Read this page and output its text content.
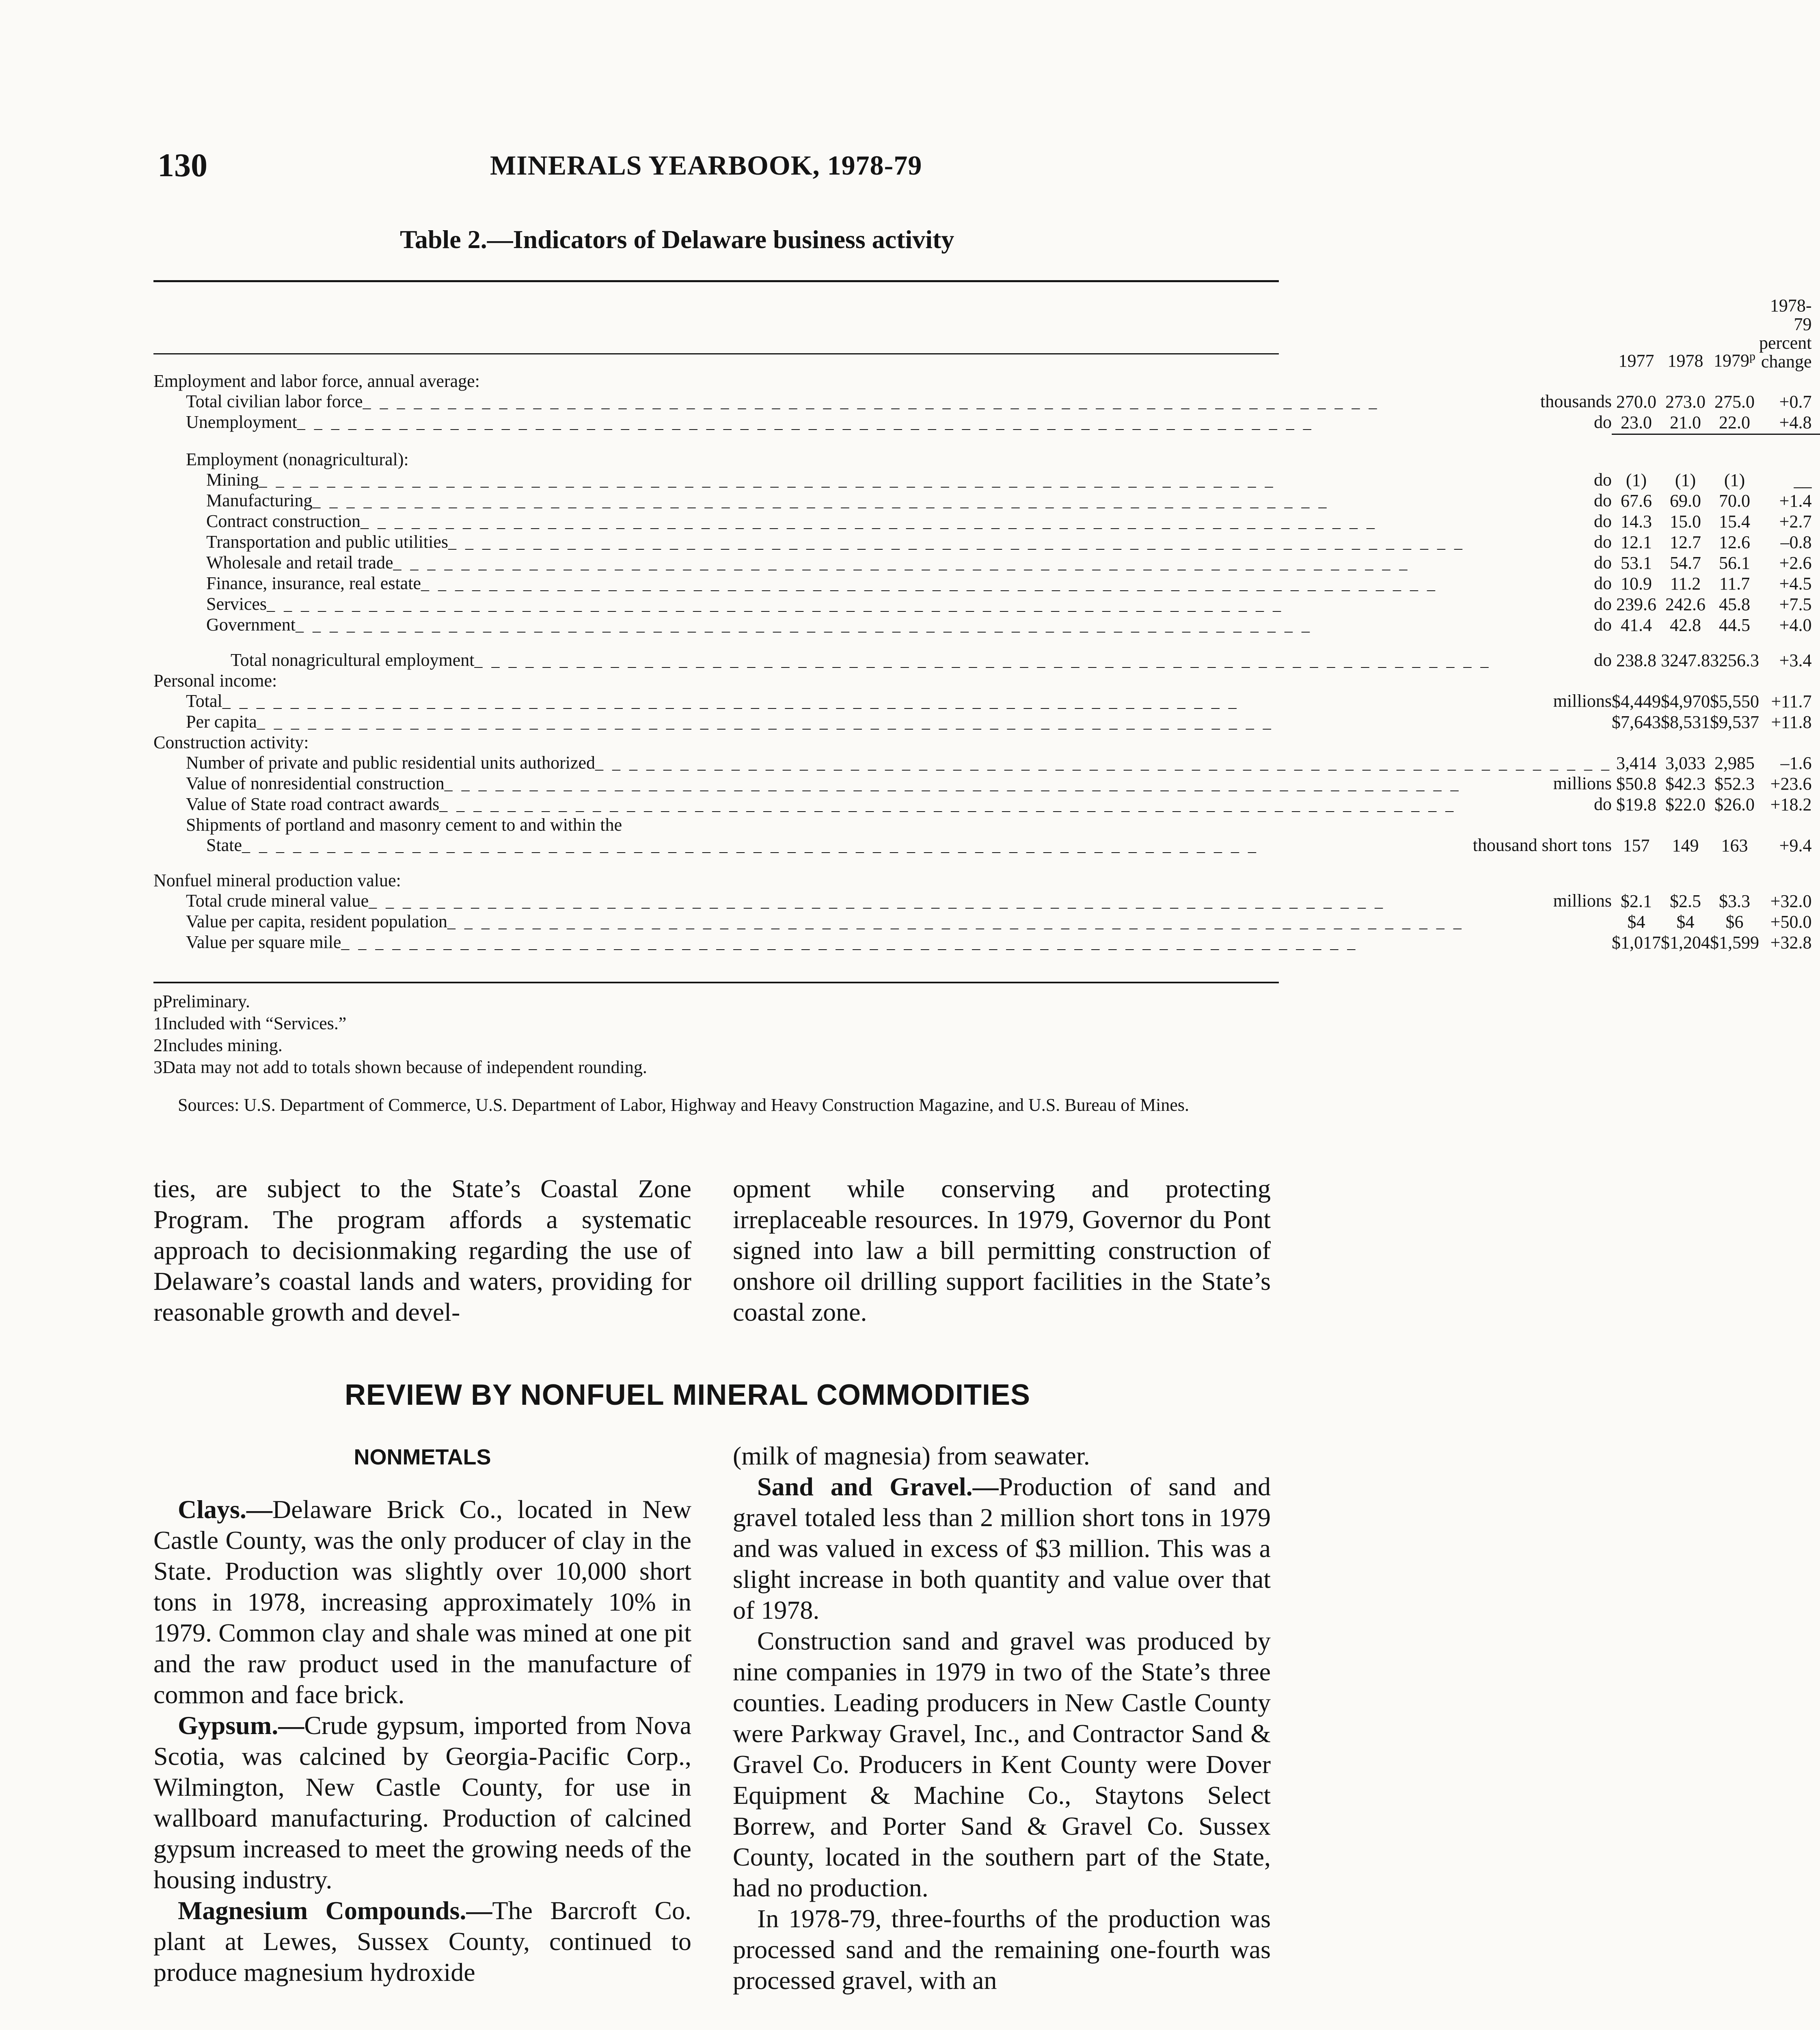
130	MINERALS YEARBOOK, 1978-79
Table 2.—Indicators of Delaware business activity
	1977	1978	1979$^p$	1978-79 percent change

Employment and labor force, annual average:				

Total civilian labor force _ _ _ _ _ _ _ _ _ _ _ _ _ _ _ _ _ _ _ _ _ _ _ _ _ _ _ _ _ _ _ _ _ _ _ _ _ _ _ _ _ _ _ _ _ _ _ _ _ _ _ _ _ _ _ _ _ _ _ _ thousands	270.0	273.0	275.0	+0.7

Unemployment _ _ _ _ _ _ _ _ _ _ _ _ _ _ _ _ _ _ _ _ _ _ _ _ _ _ _ _ _ _ _ _ _ _ _ _ _ _ _ _ _ _ _ _ _ _ _ _ _ _ _ _ _ _ _ _ _ _ _ _ do	23.0	21.0	22.0	+4.8

Employment (nonagricultural):				

Mining _ _ _ _ _ _ _ _ _ _ _ _ _ _ _ _ _ _ _ _ _ _ _ _ _ _ _ _ _ _ _ _ _ _ _ _ _ _ _ _ _ _ _ _ _ _ _ _ _ _ _ _ _ _ _ _ _ _ _ _ do	(1)	(1)	(1)	__

Manufacturing _ _ _ _ _ _ _ _ _ _ _ _ _ _ _ _ _ _ _ _ _ _ _ _ _ _ _ _ _ _ _ _ _ _ _ _ _ _ _ _ _ _ _ _ _ _ _ _ _ _ _ _ _ _ _ _ _ _ _ _ do	67.6	69.0	70.0	+1.4

Contract construction _ _ _ _ _ _ _ _ _ _ _ _ _ _ _ _ _ _ _ _ _ _ _ _ _ _ _ _ _ _ _ _ _ _ _ _ _ _ _ _ _ _ _ _ _ _ _ _ _ _ _ _ _ _ _ _ _ _ _ _ do	14.3	15.0	15.4	+2.7

Transportation and public utilities _ _ _ _ _ _ _ _ _ _ _ _ _ _ _ _ _ _ _ _ _ _ _ _ _ _ _ _ _ _ _ _ _ _ _ _ _ _ _ _ _ _ _ _ _ _ _ _ _ _ _ _ _ _ _ _ _ _ _ _ do	12.1	12.7	12.6	–0.8

Wholesale and retail trade _ _ _ _ _ _ _ _ _ _ _ _ _ _ _ _ _ _ _ _ _ _ _ _ _ _ _ _ _ _ _ _ _ _ _ _ _ _ _ _ _ _ _ _ _ _ _ _ _ _ _ _ _ _ _ _ _ _ _ _ do	53.1	54.7	56.1	+2.6

Finance, insurance, real estate _ _ _ _ _ _ _ _ _ _ _ _ _ _ _ _ _ _ _ _ _ _ _ _ _ _ _ _ _ _ _ _ _ _ _ _ _ _ _ _ _ _ _ _ _ _ _ _ _ _ _ _ _ _ _ _ _ _ _ _ do	10.9	11.2	11.7	+4.5

Services _ _ _ _ _ _ _ _ _ _ _ _ _ _ _ _ _ _ _ _ _ _ _ _ _ _ _ _ _ _ _ _ _ _ _ _ _ _ _ _ _ _ _ _ _ _ _ _ _ _ _ _ _ _ _ _ _ _ _ _ do	239.6	242.6	45.8	+7.5

Government _ _ _ _ _ _ _ _ _ _ _ _ _ _ _ _ _ _ _ _ _ _ _ _ _ _ _ _ _ _ _ _ _ _ _ _ _ _ _ _ _ _ _ _ _ _ _ _ _ _ _ _ _ _ _ _ _ _ _ _ do	41.4	42.8	44.5	+4.0

Total nonagricultural employment _ _ _ _ _ _ _ _ _ _ _ _ _ _ _ _ _ _ _ _ _ _ _ _ _ _ _ _ _ _ _ _ _ _ _ _ _ _ _ _ _ _ _ _ _ _ _ _ _ _ _ _ _ _ _ _ _ _ _ _ do	238.8	3247.8	3256.3	+3.4

Personal income:				

Total _ _ _ _ _ _ _ _ _ _ _ _ _ _ _ _ _ _ _ _ _ _ _ _ _ _ _ _ _ _ _ _ _ _ _ _ _ _ _ _ _ _ _ _ _ _ _ _ _ _ _ _ _ _ _ _ _ _ _ _ millions	$4,449	$4,970	$5,550	+11.7

Per capita _ _ _ _ _ _ _ _ _ _ _ _ _ _ _ _ _ _ _ _ _ _ _ _ _ _ _ _ _ _ _ _ _ _ _ _ _ _ _ _ _ _ _ _ _ _ _ _ _ _ _ _ _ _ _ _ _ _ _ _	$7,643	$8,531	$9,537	+11.8

Construction activity:				

Number of private and public residential units authorized _ _ _ _ _ _ _ _ _ _ _ _ _ _ _ _ _ _ _ _ _ _ _ _ _ _ _ _ _ _ _ _ _ _ _ _ _ _ _ _ _ _ _ _ _ _ _ _ _ _ _ _ _ _ _ _ _ _ _ _	3,414	3,033	2,985	–1.6

Value of nonresidential construction _ _ _ _ _ _ _ _ _ _ _ _ _ _ _ _ _ _ _ _ _ _ _ _ _ _ _ _ _ _ _ _ _ _ _ _ _ _ _ _ _ _ _ _ _ _ _ _ _ _ _ _ _ _ _ _ _ _ _ _ millions	$50.8	$42.3	$52.3	+23.6

Value of State road contract awards _ _ _ _ _ _ _ _ _ _ _ _ _ _ _ _ _ _ _ _ _ _ _ _ _ _ _ _ _ _ _ _ _ _ _ _ _ _ _ _ _ _ _ _ _ _ _ _ _ _ _ _ _ _ _ _ _ _ _ _ do	$19.8	$22.0	$26.0	+18.2

Shipments of portland and masonry cement to and within the				

State _ _ _ _ _ _ _ _ _ _ _ _ _ _ _ _ _ _ _ _ _ _ _ _ _ _ _ _ _ _ _ _ _ _ _ _ _ _ _ _ _ _ _ _ _ _ _ _ _ _ _ _ _ _ _ _ _ _ _ _ thousand short tons	157	149	163	+9.4

Nonfuel mineral production value:				

Total crude mineral value _ _ _ _ _ _ _ _ _ _ _ _ _ _ _ _ _ _ _ _ _ _ _ _ _ _ _ _ _ _ _ _ _ _ _ _ _ _ _ _ _ _ _ _ _ _ _ _ _ _ _ _ _ _ _ _ _ _ _ _ millions	$2.1	$2.5	$3.3	+32.0

Value per capita, resident population _ _ _ _ _ _ _ _ _ _ _ _ _ _ _ _ _ _ _ _ _ _ _ _ _ _ _ _ _ _ _ _ _ _ _ _ _ _ _ _ _ _ _ _ _ _ _ _ _ _ _ _ _ _ _ _ _ _ _ _	$4	$4	$6	+50.0

Value per square mile _ _ _ _ _ _ _ _ _ _ _ _ _ _ _ _ _ _ _ _ _ _ _ _ _ _ _ _ _ _ _ _ _ _ _ _ _ _ _ _ _ _ _ _ _ _ _ _ _ _ _ _ _ _ _ _ _ _ _ _	$1,017	$1,204	$1,599	+32.8
pPreliminary.
1Included with “Services.”
2Includes mining.
3Data may not add to totals shown because of independent rounding.
Sources: U.S. Department of Commerce, U.S. Department of Labor, Highway and Heavy Construction Magazine, and U.S. Bureau of Mines.

ties, are subject to the State’s Coastal Zone Program. The program affords a systematic approach to decisionmaking regarding the use of Delaware’s coastal lands and waters, providing for reasonable growth and devel-

opment while conserving and protecting irreplaceable resources. In 1979, Governor du Pont signed into law a bill permitting construction of onshore oil drilling support facilities in the State’s coastal zone.

REVIEW BY NONFUEL MINERAL COMMODITIES
NONMETALS

Clays.—Delaware Brick Co., located in New Castle County, was the only producer of clay in the State. Production was slightly over 10,000 short tons in 1978, increasing approximately 10% in 1979. Common clay and shale was mined at one pit and the raw product used in the manufacture of common and face brick.

Gypsum.—Crude gypsum, imported from Nova Scotia, was calcined by Georgia-Pacific Corp., Wilmington, New Castle County, for use in wallboard manufacturing. Production of calcined gypsum increased to meet the growing needs of the housing industry.

Magnesium Compounds.—The Barcroft Co. plant at Lewes, Sussex County, continued to produce magnesium hydroxide

(milk of magnesia) from seawater.

Sand and Gravel.—Production of sand and gravel totaled less than 2 million short tons in 1979 and was valued in excess of $3 million. This was a slight increase in both quantity and value over that of 1978.

Construction sand and gravel was produced by nine companies in 1979 in two of the State’s three counties. Leading producers in New Castle County were Parkway Gravel, Inc., and Contractor Sand & Gravel Co. Producers in Kent County were Dover Equipment & Machine Co., Staytons Select Borrew, and Porter Sand & Gravel Co. Sussex County, located in the southern part of the State, had no production.

In 1978-79, three-fourths of the production was processed sand and the remaining one-fourth was processed gravel, with an
